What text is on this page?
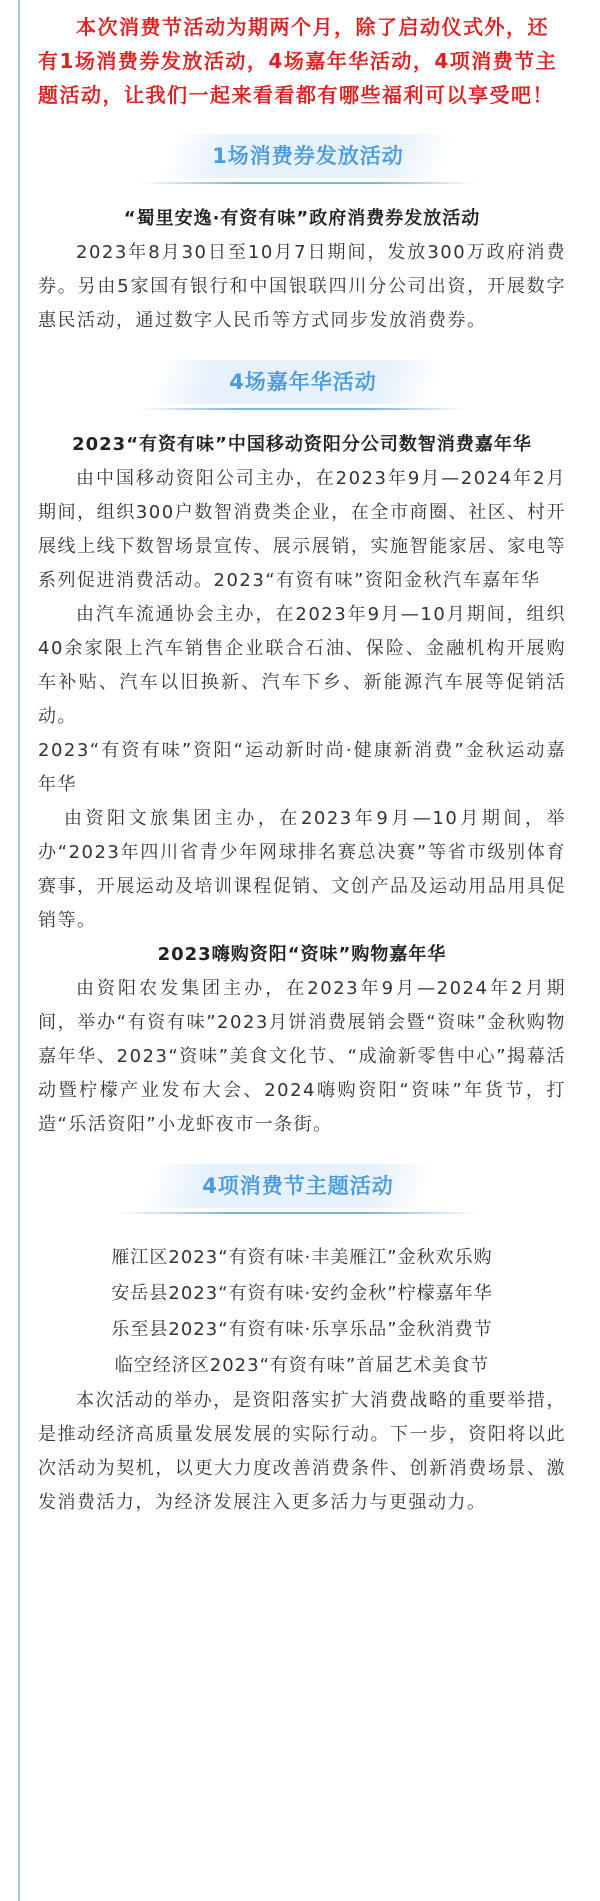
本次消费节活动为期两个月，除了启动仪式外，还有1场消费券发放活动，4场嘉年华活动，4项消费节主题活动，让我们一起来看看都有哪些福利可以享受吧！

1场消费券发放活动

“蜀里安逸·有资有味”政府消费券发放活动

2023年8月30日至10月7日期间，发放300万政府消费券。另由5家国有银行和中国银联四川分公司出资，开展数字惠民活动，通过数字人民币等方式同步发放消费券。

4场嘉年华活动

2023“有资有味”中国移动资阳分公司数智消费嘉年华

由中国移动资阳公司主办，在2023年9月—2024年2月期间，组织300户数智消费类企业，在全市商圈、社区、村开展线上线下数智场景宣传、展示展销，实施智能家居、家电等系列促进消费活动。2023“有资有味”资阳金秋汽车嘉年华

由汽车流通协会主办，在2023年9月—10月期间，组织40余家限上汽车销售企业联合石油、保险、金融机构开展购车补贴、汽车以旧换新、汽车下乡、新能源汽车展等促销活动。

2023“有资有味”资阳“运动新时尚·健康新消费”金秋运动嘉年华

由资阳文旅集团主办，在2023年9月—10月期间，举办“2023年四川省青少年网球排名赛总决赛”等省市级别体育赛事，开展运动及培训课程促销、文创产品及运动用品用具促销等。

2023嗨购资阳“资味”购物嘉年华

由资阳农发集团主办，在2023年9月—2024年2月期间，举办“有资有味”2023月饼消费展销会暨“资味”金秋购物嘉年华、2023“资味”美食文化节、“成渝新零售中心”揭幕活动暨柠檬产业发布大会、2024嗨购资阳“资味”年货节，打造“乐活资阳”小龙虾夜市一条街。

4项消费节主题活动

雁江区2023“有资有味·丰美雁江”金秋欢乐购

安岳县2023“有资有味·安约金秋”柠檬嘉年华

乐至县2023“有资有味·乐享乐品”金秋消费节

临空经济区2023“有资有味”首届艺术美食节

本次活动的举办，是资阳落实扩大消费战略的重要举措，是推动经济高质量发展发展的实际行动。下一步，资阳将以此次活动为契机，以更大力度改善消费条件、创新消费场景、激发消费活力，为经济发展注入更多活力与更强动力。
